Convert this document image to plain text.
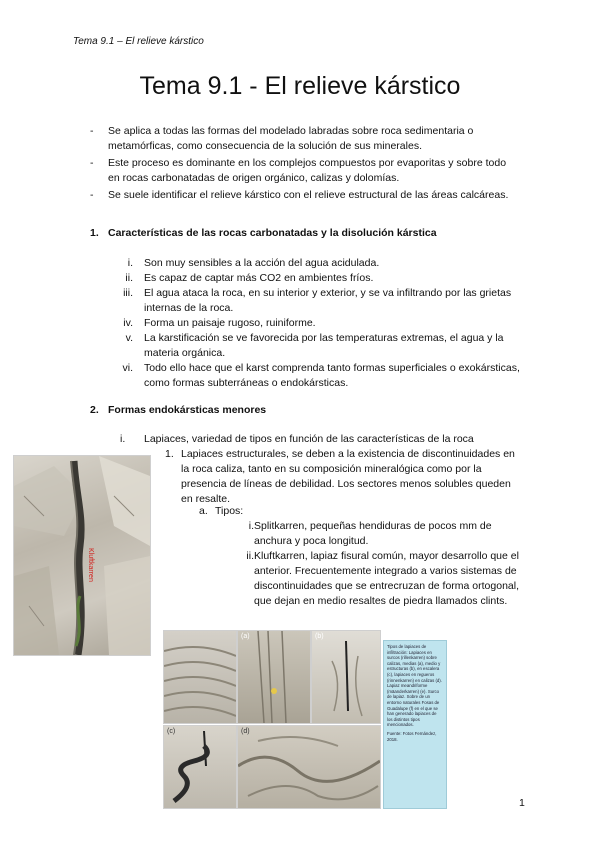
Tema 9.1 – El relieve kárstico
Tema 9.1 - El relieve kárstico
- Se aplica a todas las formas del modelado labradas sobre roca sedimentaria o metamórficas, como consecuencia de la solución de sus minerales.
- Este proceso es dominante en los complejos compuestos por evaporitas y sobre todo en rocas carbonatadas de origen orgánico, calizas y dolomías.
- Se suele identificar el relieve kárstico con el relieve estructural de las áreas calcáreas.
1. Características de las rocas carbonatadas y la disolución kárstica
i. Son muy sensibles a la acción del agua acidulada.
ii. Es capaz de captar más CO2 en ambientes fríos.
iii. El agua ataca la roca, en su interior y exterior, y se va infiltrando por las grietas internas de la roca.
iv. Forma un paisaje rugoso, ruiniforme.
v. La karstificación se ve favorecida por las temperaturas extremas, el agua y la materia orgánica.
vi. Todo ello hace que el karst comprenda tanto formas superficiales o exokársticas, como formas subterráneas o endokársticas.
2. Formas endokársticas menores
i. Lapiaces, variedad de tipos en función de las características de la roca
1. Lapiaces estructurales, se deben a la existencia de discontinuidades en la roca caliza, tanto en su composición mineralógica como por la presencia de líneas de debilidad. Los sectores menos solubles queden en resalte.
a. Tipos:
i. Splitkarren, pequeñas hendiduras de pocos mm de anchura y poca longitud.
ii. Kluftkarren, lapiaz fisural común, mayor desarrollo que el anterior. Frecuentemente integrado a varios sistemas de discontinuidades que se entrecruzan de forma ortogonal, que dejan en medio resaltes de piedra llamados clints.
Kluftkarren
(a)	(b)
(c)	(d)
Tipos de lapiaces de infiltración: Lapiaces en surcos (rillenkarren) sobre calizas, medias (a), medio y estructuras (b), en escalera (c), lapiaces en regueros (rinnenkarren) en calizas (d). Lapiaz meandriforme (mäanderkarren) (e). Surco de lapiaz. Sobre de un entorno naturales Fosas de Guadalupe (f) en el que se han generado lapiaces de los distintos tipos mencionados.
Fuente: Fotos Fernández, 2018.
1
